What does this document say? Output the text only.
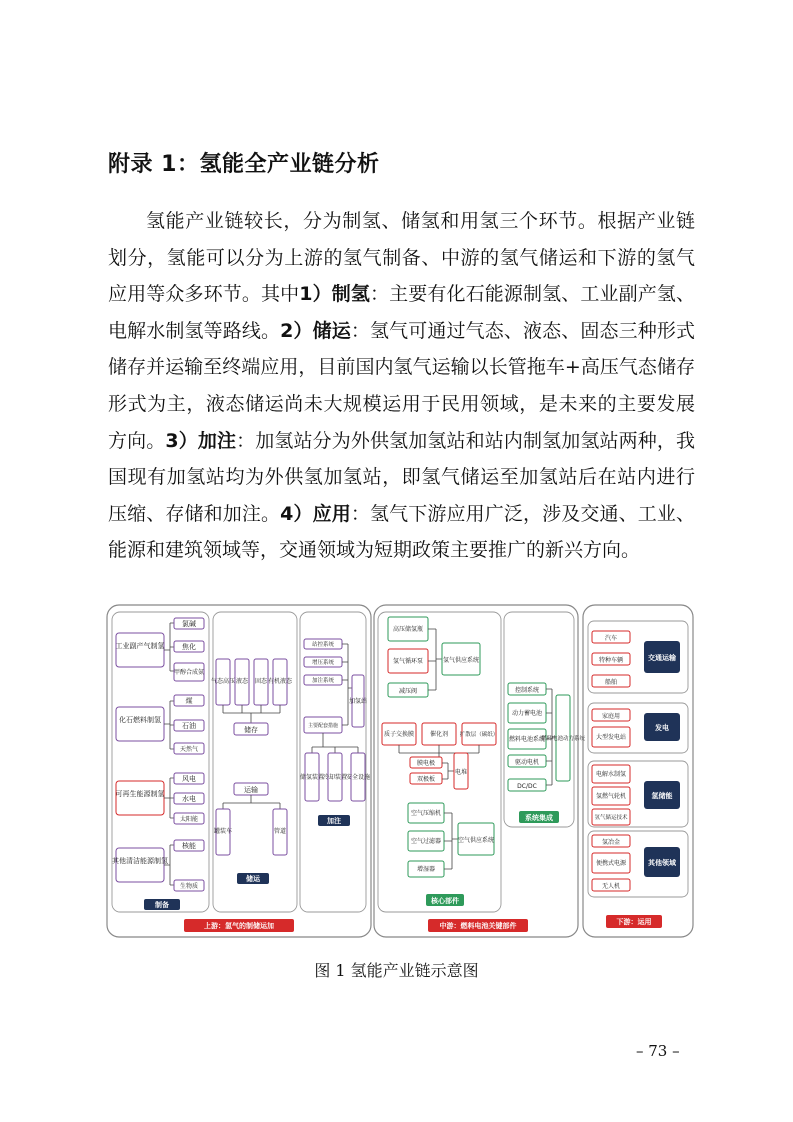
附录 1：氢能全产业链分析

氢能产业链较长，分为制氢、储氢和用氢三个环节。根据产业链划分，氢能可以分为上游的氢气制备、中游的氢气储运和下游的氢气应用等众多环节。其中1）制氢：主要有化石能源制氢、工业副产氢、电解水制氢等路线。2）储运：氢气可通过气态、液态、固态三种形式储存并运输至终端应用，目前国内氢气运输以长管拖车+高压气态储存形式为主，液态储运尚未大规模运用于民用领域，是未来的主要发展方向。3）加注：加氢站分为外供氢加氢站和站内制氢加氢站两种，我国现有加氢站均为外供氢加氢站，即氢气储运至加氢站后在站内进行压缩、存储和加注。4）应用：氢气下游应用广泛，涉及交通、工业、能源和建筑领域等，交通领域为短期政策主要推广的新兴方向。

工业副产气制氢
化石燃料制氢
可再生能源制氢
其他清洁能源制氢
氯碱
焦化
甲醇合成氨
煤
石油
天然气
风电
水电
太阳能
核能
生物质
制备
气态高压 液态 固态 有机液态
储存
运输
罐装车	管道
储运
站控系统
增压系统
加注系统
主要配套措施
加氢站
储氢装置
冷却装置
安全设施
加注
上游：氢气的制储运加
高压储氢瓶
氢气循环泵
减压阀
氢气供应系统
质子交换膜	催化剂 扩散层（碳纸）
膜电极
双极板
电堆
空气压缩机
空气过滤器
增湿器
空气供应系统
核心部件
控制系统
动力蓄电池
燃料电池系统
驱动电机
DC/DC
燃料电池动力系统
系统集成
中游：燃料电池关键部件
汽车
特种车辆
船舶
交通运输
家庭用
大型发电站
发电
电解水制氢
氢燃气轮机
氢气储运技术
氢储能
氢冶金
便携式电源
无人机
其他领域
下游：运用
图 1 氢能产业链示意图
– 73 –
